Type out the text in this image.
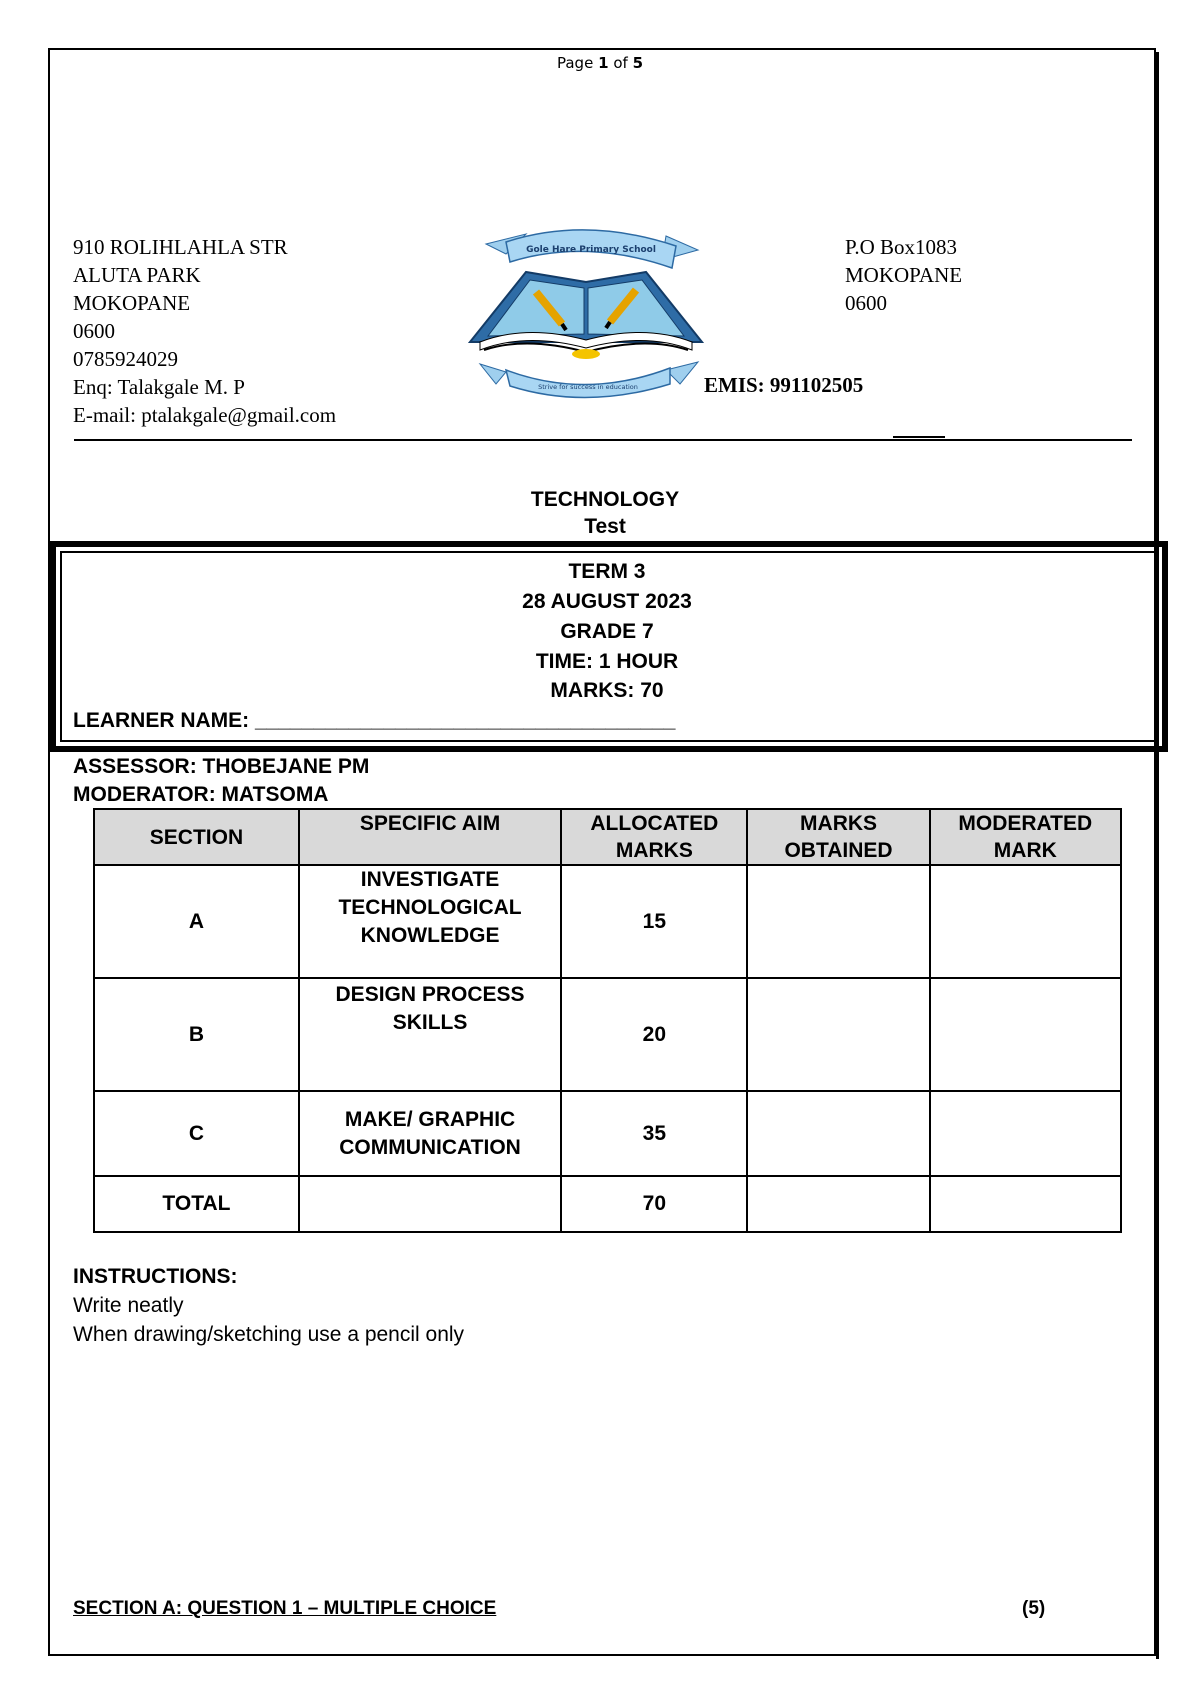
Page 1 of 5
910 ROLIHLAHLA STR
ALUTA PARK
MOKOPANE
0600
0785924029
Enq: Talakgale M. P
E-mail: ptalakgale@gmail.com
P.O Box1083
MOKOPANE
0600
Gole Hare Primary School
Strive for success in education	EMIS: 991102505
TECHNOLOGY
Test
TERM 3
28 AUGUST 2023
GRADE 7
TIME: 1 HOUR
MARKS: 70
LEARNER NAME: ____________________________________
ASSESSOR: THOBEJANE PM
MODERATOR: MATSOMA
SECTION	SPECIFIC AIM	ALLOCATED MARKS	MARKS OBTAINED	MODERATED MARK
A	INVESTIGATE TECHNOLOGICAL KNOWLEDGE	15		
B	DESIGN PROCESS SKILLS	20		
C	MAKE/ GRAPHIC COMMUNICATION	35		
TOTAL		70		
INSTRUCTIONS:
Write neatly
When drawing/sketching use a pencil only
SECTION A: QUESTION 1 – MULTIPLE CHOICE	(5)
